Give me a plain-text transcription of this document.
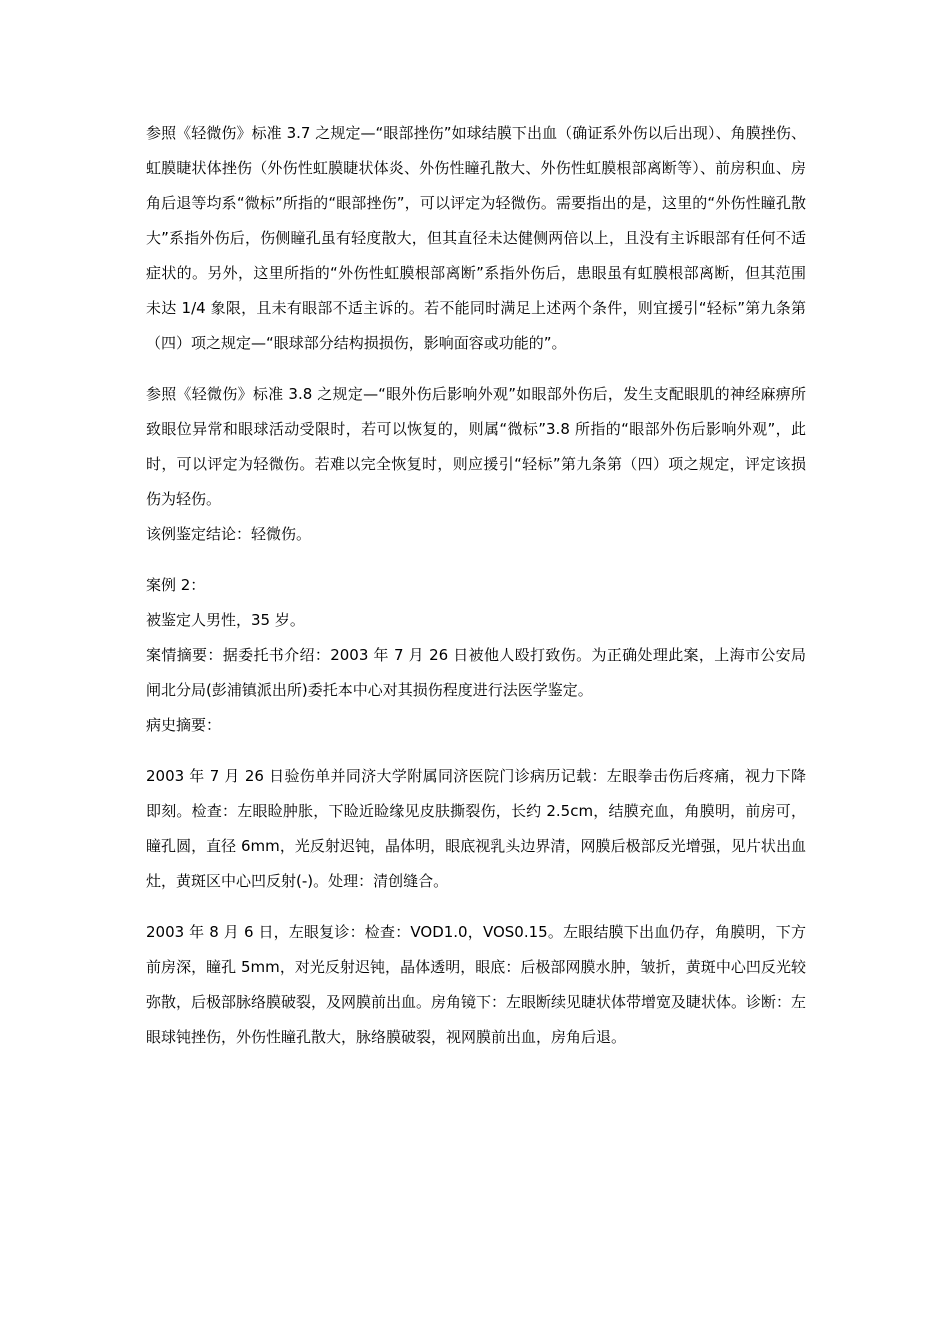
参照《轻微伤》标准 3.7 之规定—“眼部挫伤”如球结膜下出血（确证系外伤以后出现）、角膜挫伤、虹膜睫状体挫伤（外伤性虹膜睫状体炎、外伤性瞳孔散大、外伤性虹膜根部离断等）、前房积血、房角后退等均系“微标”所指的“眼部挫伤”，可以评定为轻微伤。需要指出的是，这里的“外伤性瞳孔散大”系指外伤后，伤侧瞳孔虽有轻度散大，但其直径未达健侧两倍以上，且没有主诉眼部有任何不适症状的。另外，这里所指的“外伤性虹膜根部离断”系指外伤后，患眼虽有虹膜根部离断，但其范围未达 1/4 象限，且未有眼部不适主诉的。若不能同时满足上述两个条件，则宜援引“轻标”第九条第（四）项之规定—“眼球部分结构损损伤，影响面容或功能的”。

参照《轻微伤》标准 3.8 之规定—“眼外伤后影响外观”如眼部外伤后，发生支配眼肌的神经麻痹所致眼位异常和眼球活动受限时，若可以恢复的，则属“微标”3.8 所指的“眼部外伤后影响外观”，此时，可以评定为轻微伤。若难以完全恢复时，则应援引“轻标”第九条第（四）项之规定，评定该损伤为轻伤。

该例鉴定结论：轻微伤。

案例 2：

被鉴定人男性，35 岁。

案情摘要：据委托书介绍：2003 年 7 月 26 日被他人殴打致伤。为正确处理此案，上海市公安局闸北分局(彭浦镇派出所)委托本中心对其损伤程度进行法医学鉴定。

病史摘要：

2003 年 7 月 26 日验伤单并同济大学附属同济医院门诊病历记载：左眼拳击伤后疼痛，视力下降即刻。检查：左眼睑肿胀，下睑近睑缘见皮肤撕裂伤，长约 2.5cm，结膜充血，角膜明，前房可，瞳孔圆，直径 6mm，光反射迟钝，晶体明，眼底视乳头边界清，网膜后极部反光增强，见片状出血灶，黄斑区中心凹反射(-)。处理：清创缝合。

2003 年 8 月 6 日，左眼复诊：检查：VOD1.0，VOS0.15。左眼结膜下出血仍存，角膜明，下方前房深，瞳孔 5mm，对光反射迟钝，晶体透明，眼底：后极部网膜水肿，皱折，黄斑中心凹反光较弥散，后极部脉络膜破裂，及网膜前出血。房角镜下：左眼断续见睫状体带增宽及睫状体。诊断：左眼球钝挫伤，外伤性瞳孔散大，脉络膜破裂，视网膜前出血，房角后退。
